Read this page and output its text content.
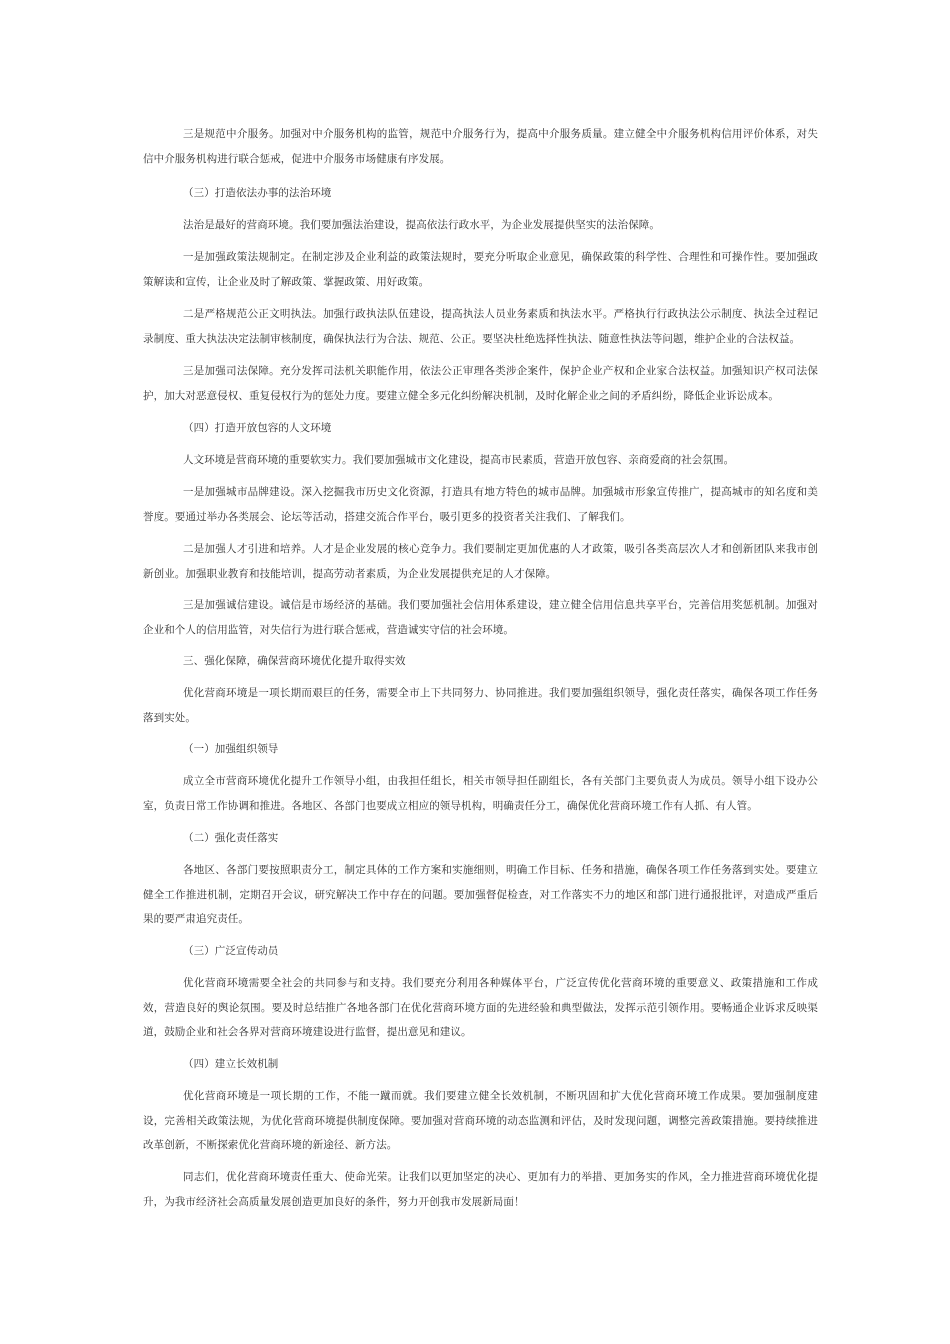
三是规范中介服务。加强对中介服务机构的监管，规范中介服务行为，提高中介服务质量。建立健全中介服务机构信用评价体系，对失信中介服务机构进行联合惩戒，促进中介服务市场健康有序发展。

（三）打造依法办事的法治环境

法治是最好的营商环境。我们要加强法治建设，提高依法行政水平，为企业发展提供坚实的法治保障。

一是加强政策法规制定。在制定涉及企业利益的政策法规时，要充分听取企业意见，确保政策的科学性、合理性和可操作性。要加强政策解读和宣传，让企业及时了解政策、掌握政策、用好政策。

二是严格规范公正文明执法。加强行政执法队伍建设，提高执法人员业务素质和执法水平。严格执行行政执法公示制度、执法全过程记录制度、重大执法决定法制审核制度，确保执法行为合法、规范、公正。要坚决杜绝选择性执法、随意性执法等问题，维护企业的合法权益。

三是加强司法保障。充分发挥司法机关职能作用，依法公正审理各类涉企案件，保护企业产权和企业家合法权益。加强知识产权司法保护，加大对恶意侵权、重复侵权行为的惩处力度。要建立健全多元化纠纷解决机制，及时化解企业之间的矛盾纠纷，降低企业诉讼成本。

（四）打造开放包容的人文环境

人文环境是营商环境的重要软实力。我们要加强城市文化建设，提高市民素质，营造开放包容、亲商爱商的社会氛围。

一是加强城市品牌建设。深入挖掘我市历史文化资源，打造具有地方特色的城市品牌。加强城市形象宣传推广，提高城市的知名度和美誉度。要通过举办各类展会、论坛等活动，搭建交流合作平台，吸引更多的投资者关注我们、了解我们。

二是加强人才引进和培养。人才是企业发展的核心竞争力。我们要制定更加优惠的人才政策，吸引各类高层次人才和创新团队来我市创新创业。加强职业教育和技能培训，提高劳动者素质，为企业发展提供充足的人才保障。

三是加强诚信建设。诚信是市场经济的基础。我们要加强社会信用体系建设，建立健全信用信息共享平台，完善信用奖惩机制。加强对企业和个人的信用监管，对失信行为进行联合惩戒，营造诚实守信的社会环境。

三、强化保障，确保营商环境优化提升取得实效

优化营商环境是一项长期而艰巨的任务，需要全市上下共同努力、协同推进。我们要加强组织领导，强化责任落实，确保各项工作任务落到实处。

（一）加强组织领导

成立全市营商环境优化提升工作领导小组，由我担任组长，相关市领导担任副组长，各有关部门主要负责人为成员。领导小组下设办公室，负责日常工作协调和推进。各地区、各部门也要成立相应的领导机构，明确责任分工，确保优化营商环境工作有人抓、有人管。

（二）强化责任落实

各地区、各部门要按照职责分工，制定具体的工作方案和实施细则，明确工作目标、任务和措施，确保各项工作任务落到实处。要建立健全工作推进机制，定期召开会议，研究解决工作中存在的问题。要加强督促检查，对工作落实不力的地区和部门进行通报批评，对造成严重后果的要严肃追究责任。

（三）广泛宣传动员

优化营商环境需要全社会的共同参与和支持。我们要充分利用各种媒体平台，广泛宣传优化营商环境的重要意义、政策措施和工作成效，营造良好的舆论氛围。要及时总结推广各地各部门在优化营商环境方面的先进经验和典型做法，发挥示范引领作用。要畅通企业诉求反映渠道，鼓励企业和社会各界对营商环境建设进行监督，提出意见和建议。

（四）建立长效机制

优化营商环境是一项长期的工作，不能一蹴而就。我们要建立健全长效机制，不断巩固和扩大优化营商环境工作成果。要加强制度建设，完善相关政策法规，为优化营商环境提供制度保障。要加强对营商环境的动态监测和评估，及时发现问题，调整完善政策措施。要持续推进改革创新，不断探索优化营商环境的新途径、新方法。

同志们，优化营商环境责任重大、使命光荣。让我们以更加坚定的决心、更加有力的举措、更加务实的作风，全力推进营商环境优化提升，为我市经济社会高质量发展创造更加良好的条件，努力开创我市发展新局面！
